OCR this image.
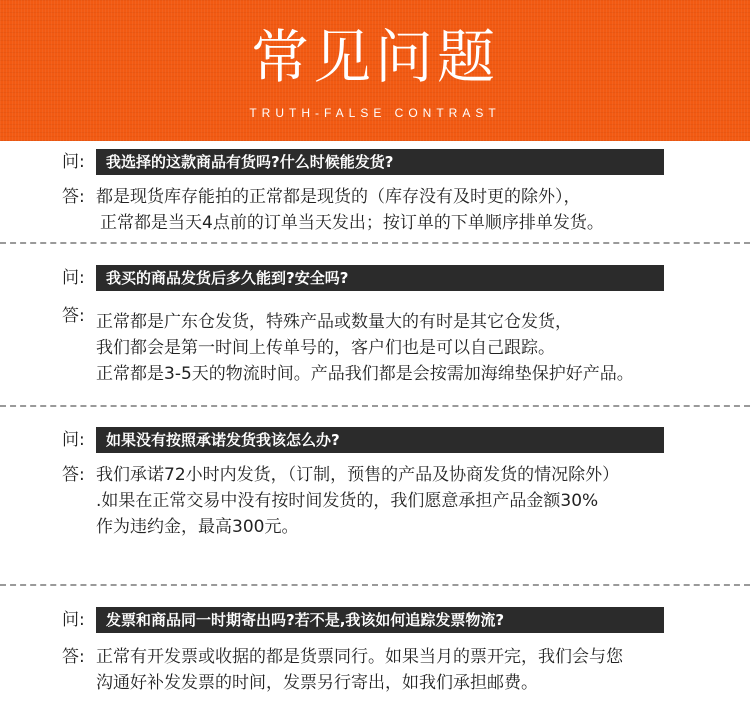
常见问题
TRUTH-FALSE CONTRAST
问:	我选择的这款商品有货吗?什么时候能发货?
答: 都是现货库存能拍的正常都是现货的（库存没有及时更的除外），
正常都是当天4点前的订单当天发出；按订单的下单顺序排单发货。
问:	我买的商品发货后多久能到?安全吗?
答: 正常都是广东仓发货，特殊产品或数量大的有时是其它仓发货，
我们都会是第一时间上传单号的，客户们也是可以自己跟踪。
正常都是3-5天的物流时间。产品我们都是会按需加海绵垫保护好产品。
问:	如果没有按照承诺发货我该怎么办?
答: 我们承诺72小时内发货，（订制，预售的产品及协商发货的情况除外）
.如果在正常交易中没有按时间发货的，我们愿意承担产品金额30%
作为违约金，最高300元。
问:	发票和商品同一时期寄出吗?若不是,我该如何追踪发票物流?
答: 正常有开发票或收据的都是货票同行。如果当月的票开完，我们会与您
沟通好补发发票的时间，发票另行寄出，如我们承担邮费。
